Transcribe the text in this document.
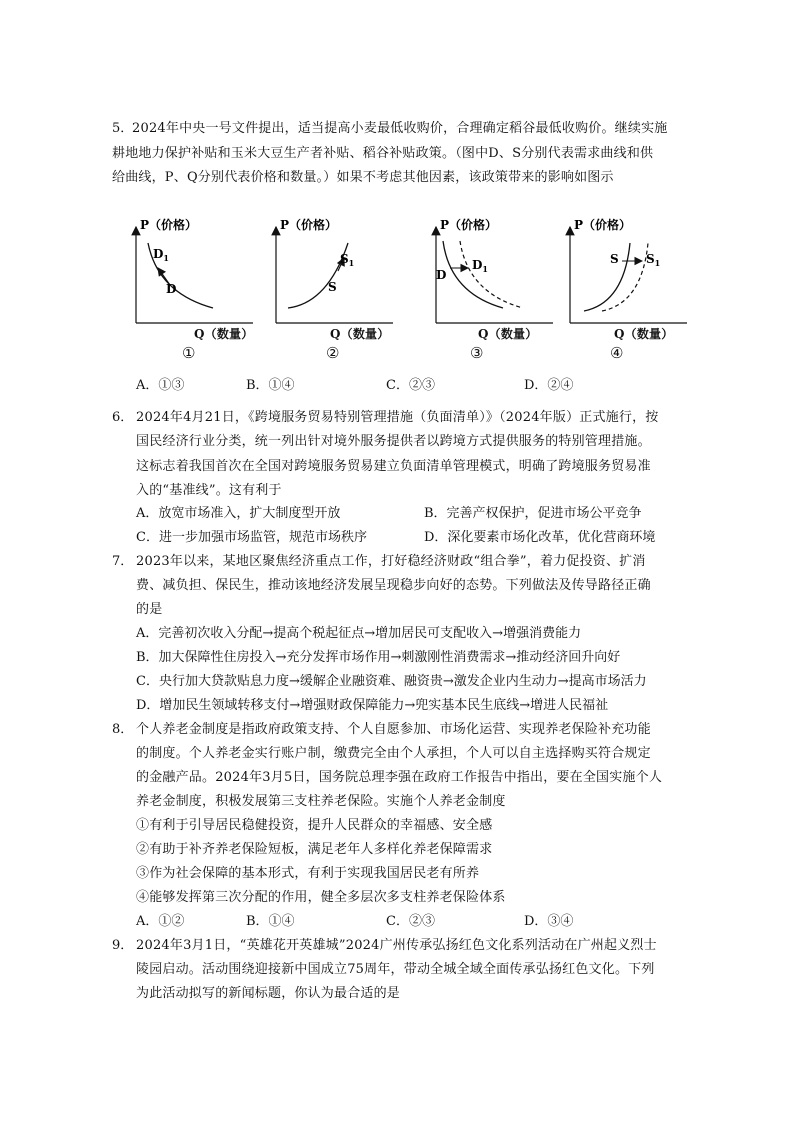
5．
2024年中央一号文件提出，适当提高小麦最低收购价，合理确定稻谷最低收购价。继续实施
耕地地力保护补贴和玉米大豆生产者补贴、稻谷补贴政策。（图中D、S分别代表需求曲线和供
给曲线，P、Q分别代表价格和数量。）如果不考虑其他因素，该政策带来的影响如图示
P（价格）
$D_1$
D
Q（数量）
①
P（价格）
$S_1$
S
Q（数量）
②
P（价格）
$D_1$
D
Q（数量）
③
P（价格）
$S_1$
S
Q（数量）
④
A．①③	B．①④	C．②③	D．②④
6． 2024年4月21日，《跨境服务贸易特别管理措施（负面清单）》（2024年版）正式施行，按
国民经济行业分类，统一列出针对境外服务提供者以跨境方式提供服务的特别管理措施。
这标志着我国首次在全国对跨境服务贸易建立负面清单管理模式，明确了跨境服务贸易准
入的“基准线”。这有利于
A．放宽市场准入，扩大制度型开放	B．完善产权保护，促进市场公平竞争
C．进一步加强市场监管，规范市场秩序	D．深化要素市场化改革，优化营商环境
7． 2023年以来，某地区聚焦经济重点工作，打好稳经济财政“组合拳”，着力促投资、扩消
费、减负担、保民生，推动该地经济发展呈现稳步向好的态势。下列做法及传导路径正确
的是
A．完善初次收入分配→提高个税起征点→增加居民可支配收入→增强消费能力
B．加大保障性住房投入→充分发挥市场作用→刺激刚性消费需求→推动经济回升向好
C．央行加大贷款贴息力度→缓解企业融资难、融资贵→激发企业内生动力→提高市场活力
D．增加民生领域转移支付→增强财政保障能力→兜实基本民生底线→增进人民福祉
8． 个人养老金制度是指政府政策支持、个人自愿参加、市场化运营、实现养老保险补充功能
的制度。个人养老金实行账户制，缴费完全由个人承担，个人可以自主选择购买符合规定
的金融产品。2024年3月5日，国务院总理李强在政府工作报告中指出，要在全国实施个人
养老金制度，积极发展第三支柱养老保险。实施个人养老金制度
①有利于引导居民稳健投资，提升人民群众的幸福感、安全感
②有助于补齐养老保险短板，满足老年人多样化养老保障需求
③作为社会保障的基本形式，有利于实现我国居民老有所养
④能够发挥第三次分配的作用，健全多层次多支柱养老保险体系
A．①②	B．①④	C．②③	D．③④
9． 2024年3月1日，“英雄花开英雄城”2024广州传承弘扬红色文化系列活动在广州起义烈士
陵园启动。活动围绕迎接新中国成立75周年，带动全城全域全面传承弘扬红色文化。下列
为此活动拟写的新闻标题，你认为最合适的是
